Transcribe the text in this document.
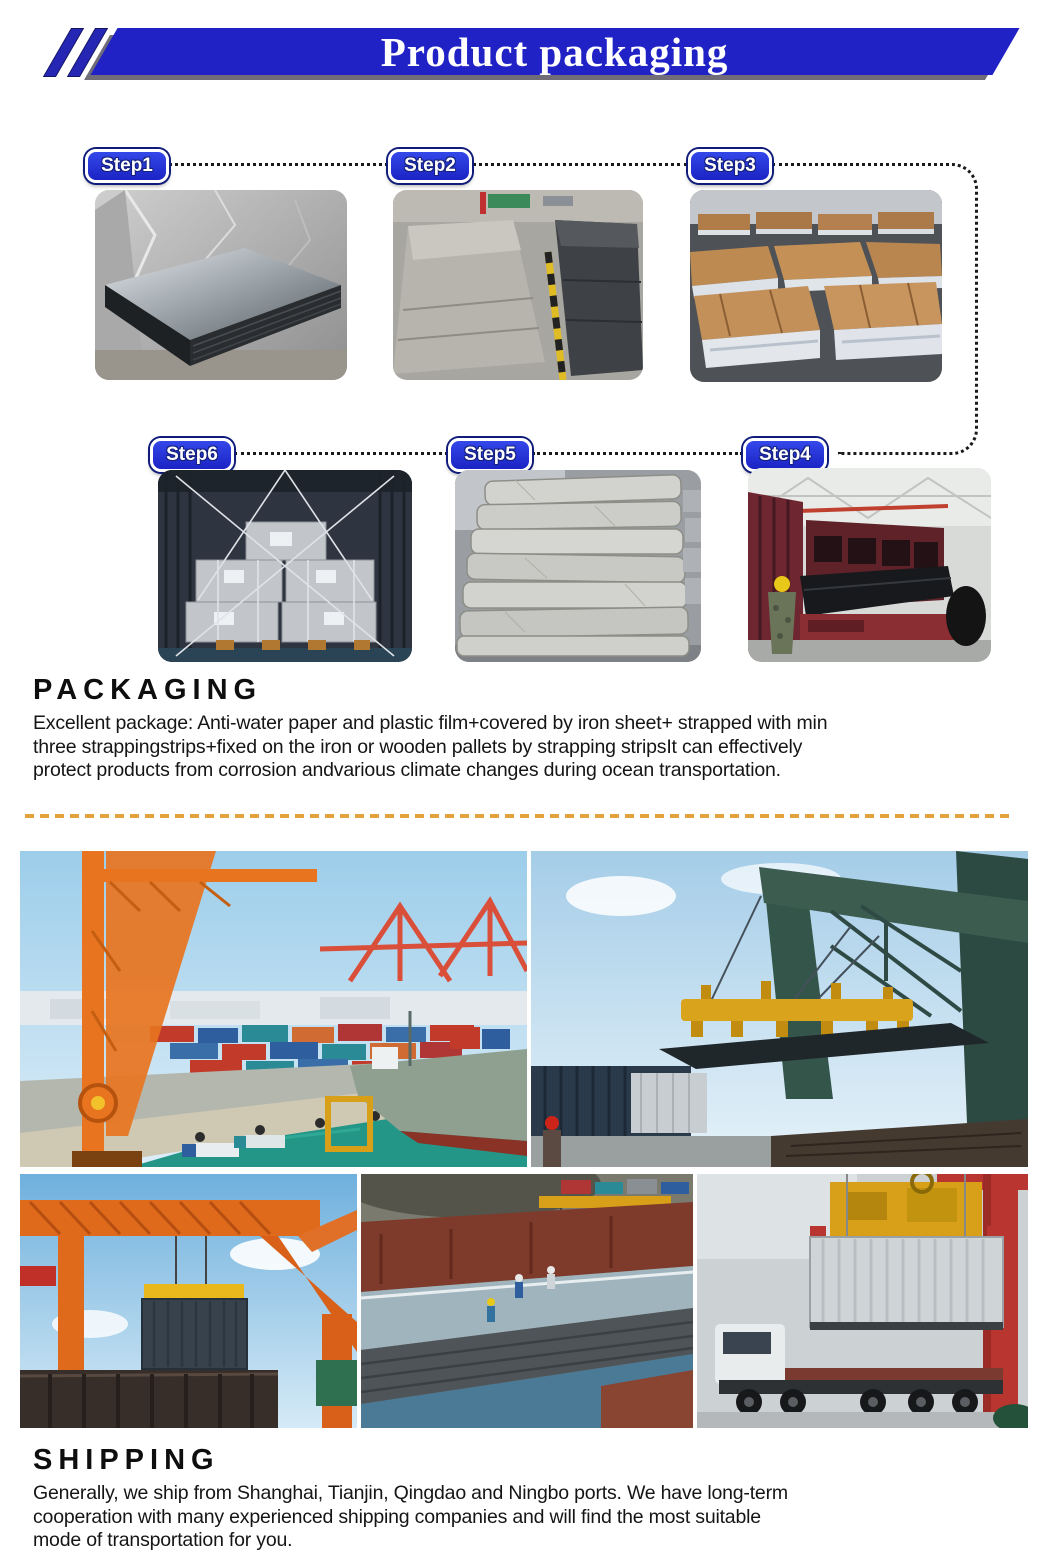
Product packaging
Step1	Step2	Step3
Step6	Step5	Step4
PACKAGING
Excellent package: Anti-water paper and plastic film+covered by iron sheet+ strapped with min
three strappingstrips+fixed on the iron or wooden pallets by strapping stripsIt can effectively
protect products from corrosion andvarious climate changes during ocean transportation.
SHIPPING
Generally, we ship from Shanghai, Tianjin, Qingdao and Ningbo ports. We have long-term
cooperation with many experienced shipping companies and will find the most suitable
mode of transportation for you.
